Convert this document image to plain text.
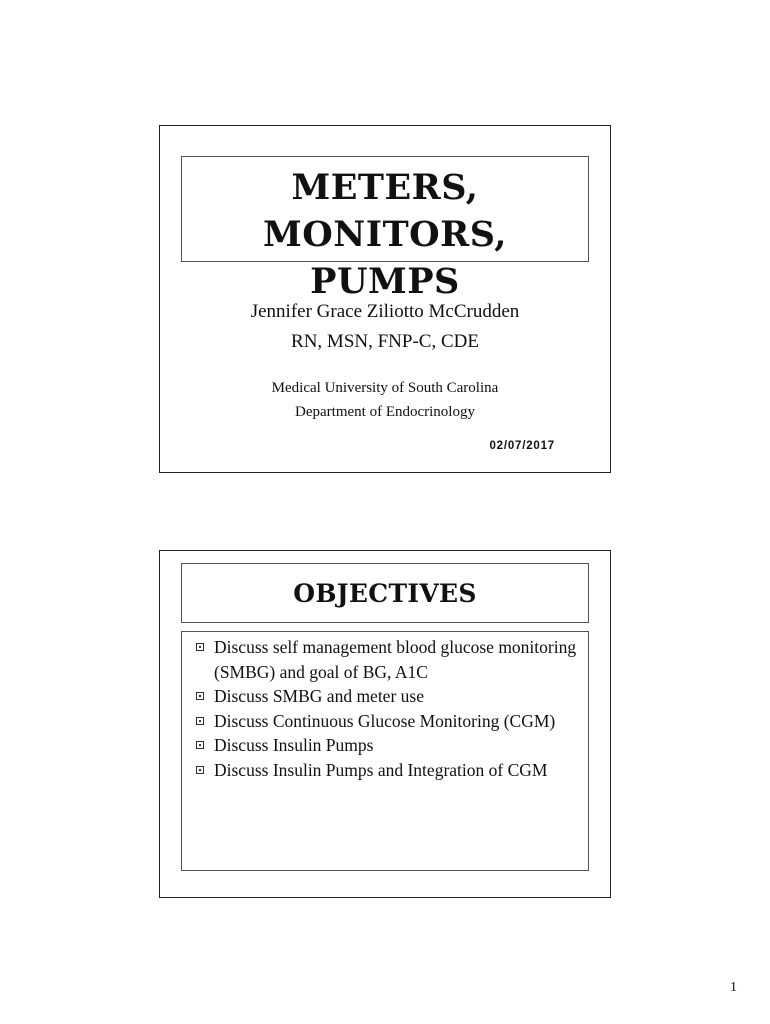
METERS,
MONITORS, PUMPS
Jennifer Grace Ziliotto McCrudden
RN, MSN, FNP-C, CDE
Medical University of South Carolina
Department of Endocrinology
02/07/2017
OBJECTIVES
Discuss self management blood glucose monitoring (SMBG) and goal of BG, A1C
Discuss SMBG and meter use
Discuss Continuous Glucose Monitoring (CGM)
Discuss Insulin Pumps
Discuss Insulin Pumps and Integration of CGM
1
